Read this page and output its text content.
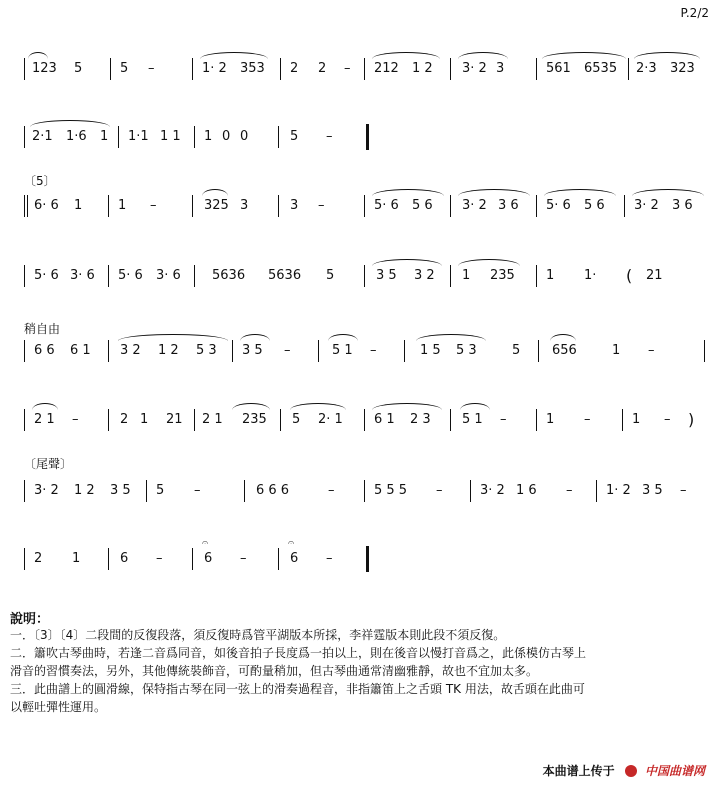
P.2/2
123 5	5 –	1· 2 353 2 2 – 212 1 2 3· 2 3	561 6535 2·3 323
2·1 1·6 1 1·1 1 1 1 0 0	5 –
〔5〕
6· 6 1	1 –	325 3	3 –	5· 6 5 6 3· 2 3 6 5· 6 5 6 3· 2 3 6
5· 6 3· 6 5· 6 3· 6 5636 5636 5	3 5 3 2 1 235 1 1· ( 21
稍自由
6 6 6 1 3 2 1 2 5 3 3 5 –	5 1 –	1 5 5 3	5 656	1 –
2 1 –	2 1 21 2 1 235 5 2· 1 6 1 2 3 5 1 –	1 –	1 – )
〔尾聲〕
3· 2 1 2 3 5 5 –	6 6 6	–	5 5 5 –	3· 2 1 6 –	1· 2 3 5 –
2 1	6 –
𝄐
6 –
𝄐
6 –
說明：
一．〔3〕〔4〕二段間的反復段落，須反復時爲管平湖版本所採，李祥霆版本則此段不須反復。
二．簫吹古琴曲時，若逢二音爲同音，如後音拍子長度爲一拍以上，則在後音以慢打音爲之，此係模仿古琴上
滑音的習慣奏法，另外，其他傳統裝飾音，可酌量稍加，但古琴曲通常清幽雅靜，故也不宜加太多。
三．此曲譜上的圓滑線，保特指古琴在同一弦上的滑奏過程音，非指簫笛上之舌頭 TK 用法，故舌頭在此曲可
以輕吐彈性運用。
本曲谱上传于	中国曲谱网
